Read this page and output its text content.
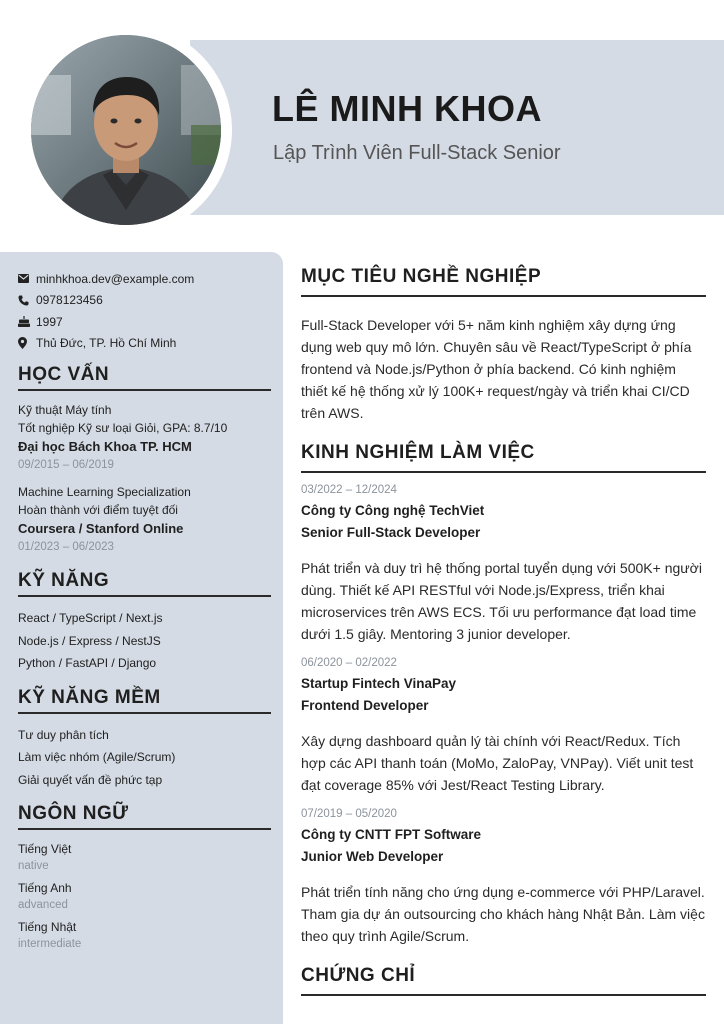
LÊ MINH KHOA
Lập Trình Viên Full-Stack Senior
minhkhoa.dev@example.com
0978123456
1997
Thủ Đức, TP. Hồ Chí Minh
HỌC VẤN
Kỹ thuật Máy tính
Tốt nghiệp Kỹ sư loại Giỏi, GPA: 8.7/10
Đại học Bách Khoa TP. HCM
09/2015 – 06/2019
Machine Learning Specialization
Hoàn thành với điểm tuyệt đối
Coursera / Stanford Online
01/2023 – 06/2023
KỸ NĂNG
React / TypeScript / Next.js
Node.js / Express / NestJS
Python / FastAPI / Django
KỸ NĂNG MỀM
Tư duy phân tích
Làm việc nhóm (Agile/Scrum)
Giải quyết vấn đề phức tạp
NGÔN NGỮ
Tiếng Việt
native
Tiếng Anh
advanced
Tiếng Nhật
intermediate
MỤC TIÊU NGHỀ NGHIỆP
Full-Stack Developer với 5+ năm kinh nghiệm xây dựng ứng dụng web quy mô lớn. Chuyên sâu về React/TypeScript ở phía frontend và Node.js/Python ở phía backend. Có kinh nghiệm thiết kế hệ thống xử lý 100K+ request/ngày và triển khai CI/CD trên AWS.
KINH NGHIỆM LÀM VIỆC
03/2022 – 12/2024
Công ty Công nghệ TechViet
Senior Full-Stack Developer
Phát triển và duy trì hệ thống portal tuyển dụng với 500K+ người dùng. Thiết kế API RESTful với Node.js/Express, triển khai microservices trên AWS ECS. Tối ưu performance đạt load time dưới 1.5 giây. Mentoring 3 junior developer.
06/2020 – 02/2022
Startup Fintech VinaPay
Frontend Developer
Xây dựng dashboard quản lý tài chính với React/Redux. Tích hợp các API thanh toán (MoMo, ZaloPay, VNPay). Viết unit test đạt coverage 85% với Jest/React Testing Library.
07/2019 – 05/2020
Công ty CNTT FPT Software
Junior Web Developer
Phát triển tính năng cho ứng dụng e-commerce với PHP/Laravel. Tham gia dự án outsourcing cho khách hàng Nhật Bản. Làm việc theo quy trình Agile/Scrum.
CHỨNG CHỈ
